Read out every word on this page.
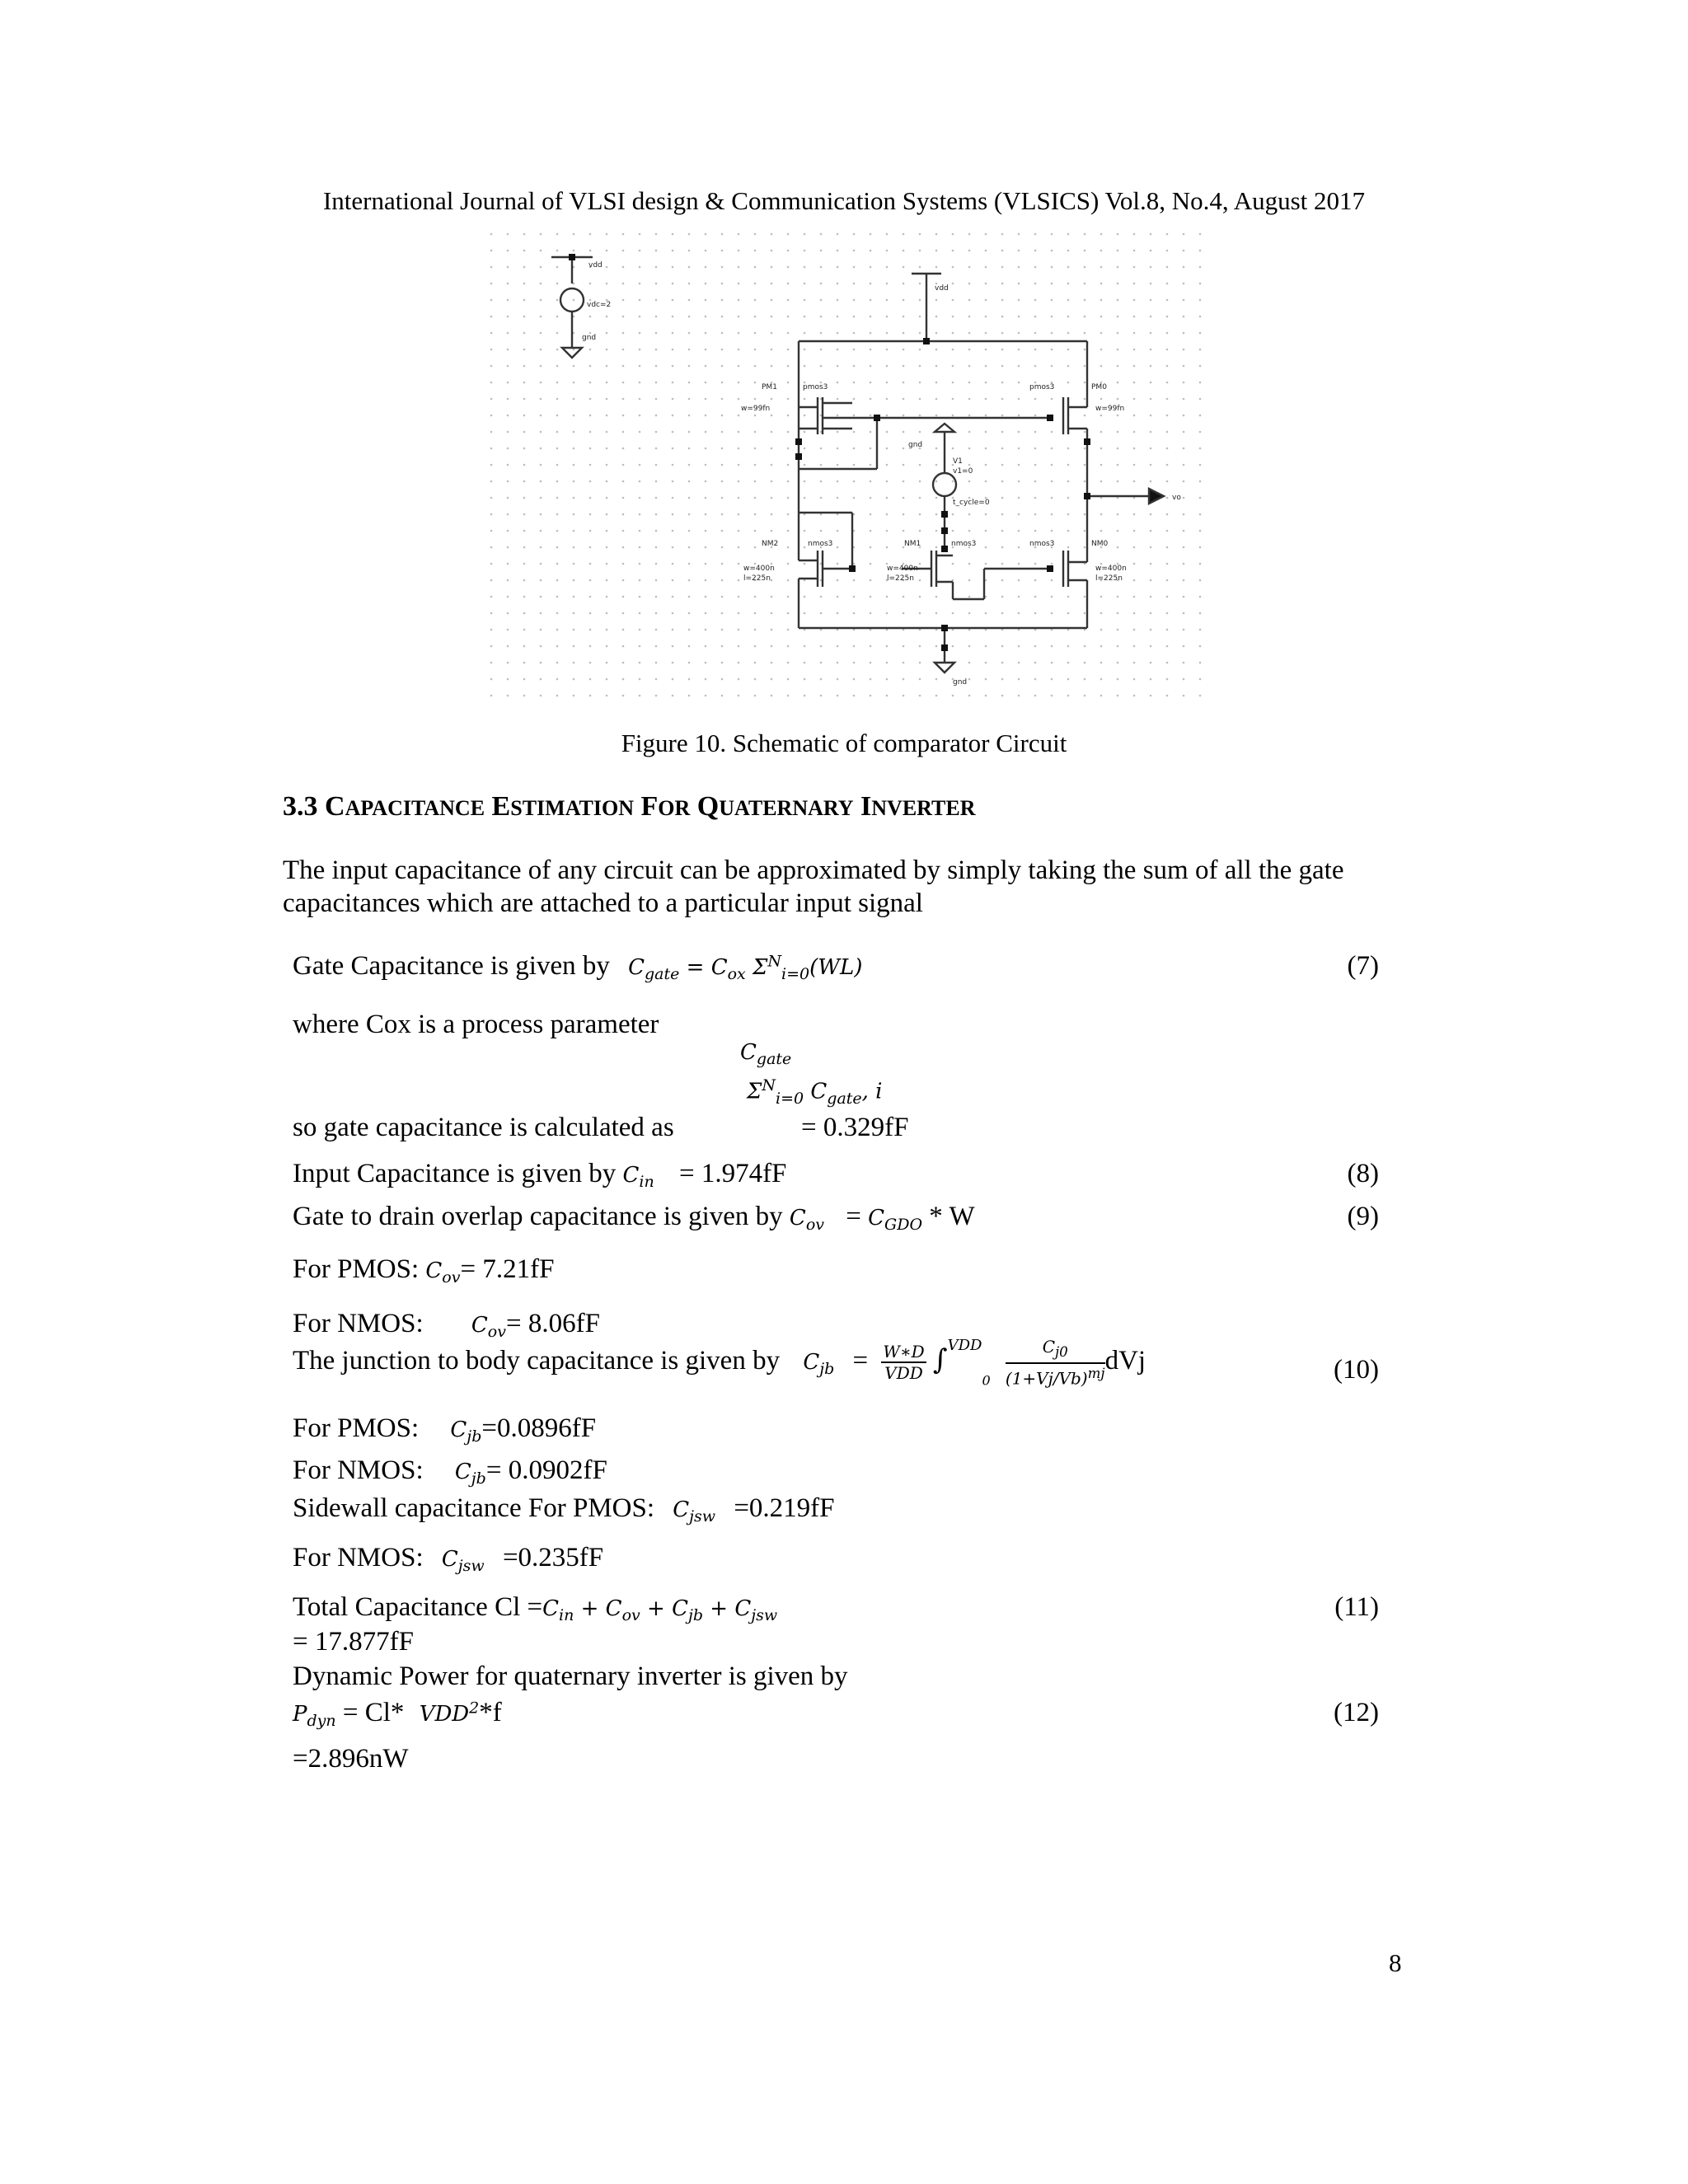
International Journal of VLSI design & Communication Systems (VLSICS) Vol.8, No.4, August 2017
vdd
vdc=2
gnd
vdd
PM1	pmos3
w=99fn
pmos3	PM0
w=99fn
gnd
V1
v1=0
t_cycle=0
NM2	nmos3
w=400n
l=225n
NM1	nmos3
w=400n
l=225n
nmos3	NM0
w=400n
l=225n
vo
gnd
Figure 10. Schematic of comparator Circuit
3.3 CAPACITANCE ESTIMATION FOR QUATERNARY INVERTER
The input capacitance of any circuit can be approximated by simply taking the sum of all the gate capacitances which are attached to a particular input signal
Gate Capacitance is given by $C_{gate} = C_{ox}$ $\Sigma^N_{i=0}(WL)$	(7)
where Cox is a process parameter
$C_{gate}$
$\Sigma^N_{i=0}$ $C_{gate}$, i
so gate capacitance is calculated as	= 0.329fF
Input Capacitance is given by $C_{in} = 1.974fF$	(8)
Gate to drain overlap capacitance is given by $C_{ov} = C_{GDO} * W$	(9)
For PMOS: $C_{ov}= 7.21fF$
For NMOS: $C_{ov}= 8.06fF$
The junction to body capacitance is given by $C_{jb} = \frac{W∗D}{\text{VDD}} \int^{VDD}0 \frac{C_{j0}}{(1+Vj/Vb)^{mj}}$ dVj	(10)
For PMOS: $C_{jb}=0.0896fF$
For NMOS: $C_{jb}= 0.0902fF$
Sidewall capacitance For PMOS: $C_{jsw} =0.219fF$
For NMOS: $C_{jsw} =0.235fF$
Total Capacitance $Cl =C_{in} + C_{ov} + C_{jb} + C_{jsw}$	(11)
= 17.877fF
Dynamic Power for quaternary inverter is given by
$P_{dyn} = Cl*$ VDD$^2$*f	(12)
=2.896nW
8
